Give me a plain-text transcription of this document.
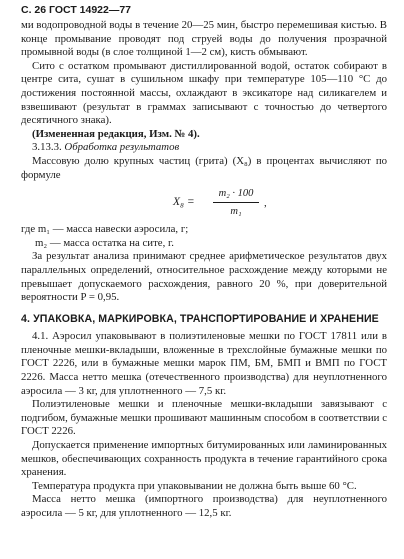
С. 26 ГОСТ 14922—77

ми водопроводной воды в течение 20—25 мин, быстро перемешивая кистью. В конце промывание проводят под струей воды до получения прозрачной промывной воды (в слое толщиной 1—2 см), кисть обмывают.

Сито с остатком промывают дистиллированной водой, остаток собирают в центре сита, сушат в сушильном шкафу при температуре 105—110 °С до достижения постоянной массы, охлаждают в эксикаторе над силикагелем и взвешивают (результат в граммах записывают с точностью до четвертого десятичного знака).

(Измененная редакция, Изм. № 4).

3.13.3. Обработка результатов

Массовую долю крупных частиц (грита) (X₈) в процентах вычисляют по формуле

X₈ =
m₂ · 100
m₁
,

где m₁ — масса навески аэросила, г;

m₂ — масса остатка на сите, г.

За результат анализа принимают среднее арифметическое результатов двух параллельных определений, относительное расхождение между которыми не превышает допускаемого расхождения, равного 20 %, при доверительной вероятности P = 0,95.

4. УПАКОВКА, МАРКИРОВКА, ТРАНСПОРТИРОВАНИЕ И ХРАНЕНИЕ

4.1. Аэросил упаковывают в полиэтиленовые мешки по ГОСТ 17811 или в пленочные мешки-вкладыши, вложенные в трехслойные бумажные мешки по ГОСТ 2226, или в бумажные мешки марок ПМ, БМ, БМП и ВМП по ГОСТ 2226. Масса нетто мешка (отечественного производства) для неуплотненного аэросила — 3 кг, для уплотненного — 7,5 кг.

Полиэтиленовые мешки и пленочные мешки-вкладыши завязывают с подгибом, бумажные мешки прошивают машинным способом в соответствии с ГОСТ 2226.

Допускается применение импортных битумированных или ламинированных мешков, обеспечивающих сохранность продукта в течение гарантийного срока хранения.

Температура продукта при упаковывании не должна быть выше 60 °С.

Масса нетто мешка (импортного производства) для неуплотненного аэросила — 5 кг, для уплотненного — 12,5 кг.
